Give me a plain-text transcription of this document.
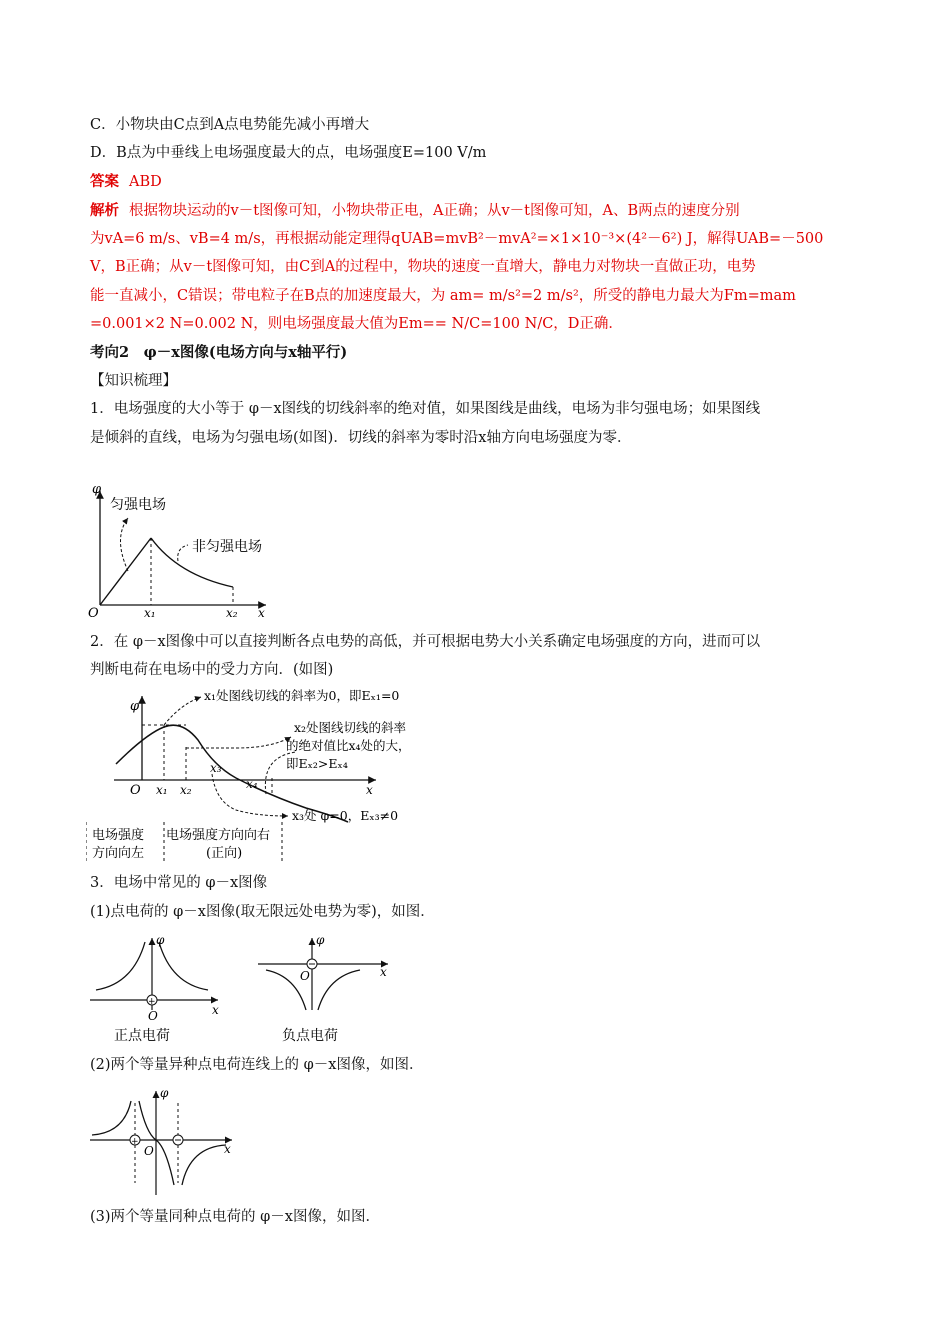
C．小物块由C点到A点电势能先减小再增大
D．B点为中垂线上电场强度最大的点，电场强度E=100 V/m
答案 ABD
解析 根据物块运动的v－t图像可知，小物块带正电，A正确；从v－t图像可知，A、B两点的速度分别
为vA=6 m/s、vB=4 m/s，再根据动能定理得qUAB=mvB²－mvA²=×1×10⁻³×(4²－6²) J，解得UAB=－500
V，B正确；从v－t图像可知，由C到A的过程中，物块的速度一直增大，静电力对物块一直做正功，电势
能一直减小，C错误；带电粒子在B点的加速度最大，为 am= m/s²=2 m/s²，所受的静电力最大为Fm=mam
=0.001×2 N=0.002 N，则电场强度最大值为Em== N/C=100 N/C，D正确．
考向2　φ－x图像(电场方向与x轴平行)
【知识梳理】
1．电场强度的大小等于 φ－x图线的切线斜率的绝对值，如果图线是曲线，电场为非匀强电场；如果图线
是倾斜的直线，电场为匀强电场(如图)．切线的斜率为零时沿x轴方向电场强度为零．
φ
O	x₁	x₂ x
匀强电场
非匀强电场
2．在 φ－x图像中可以直接判断各点电势的高低，并可根据电势大小关系确定电场强度的方向，进而可以
判断电荷在电场中的受力方向．(如图)
φ
O x₁ x₂
x₃
x₄	x
x₁处图线切线的斜率为0，即Eₓ₁=0
x₂处图线切线的斜率
的绝对值比x₄处的大，
即Eₓ₂>Eₓ₄
x₃处 φ=0，Eₓ₃≠0
电场强度
方向向左
电场强度方向向右
(正向)
3．电场中常见的 φ－x图像
(1)点电荷的 φ－x图像(取无限远处电势为零)，如图．
+
φ
x
O
正点电荷
φ
x
O
负点电荷
(2)两个等量异种点电荷连线上的 φ－x图像，如图．
+
φ
x
O
(3)两个等量同种点电荷的 φ－x图像，如图．
